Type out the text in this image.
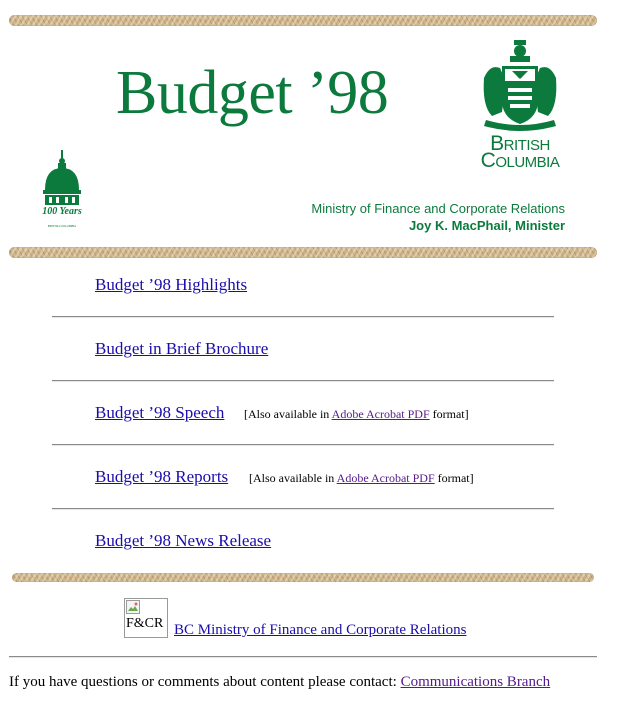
Budget ’98
British
Columbia
100 Years
BRITISH COLUMBIA
Ministry of Finance and Corporate Relations
Joy K. MacPhail, Minister
Budget ’98 Highlights
Budget in Brief Brochure
Budget ’98 Speech [Also available in Adobe Acrobat PDF format]
Budget ’98 Reports [Also available in Adobe Acrobat PDF format]
Budget ’98 News Release
F&CR BC Ministry of Finance and Corporate Relations
If you have questions or comments about content please contact: Communications Branch
